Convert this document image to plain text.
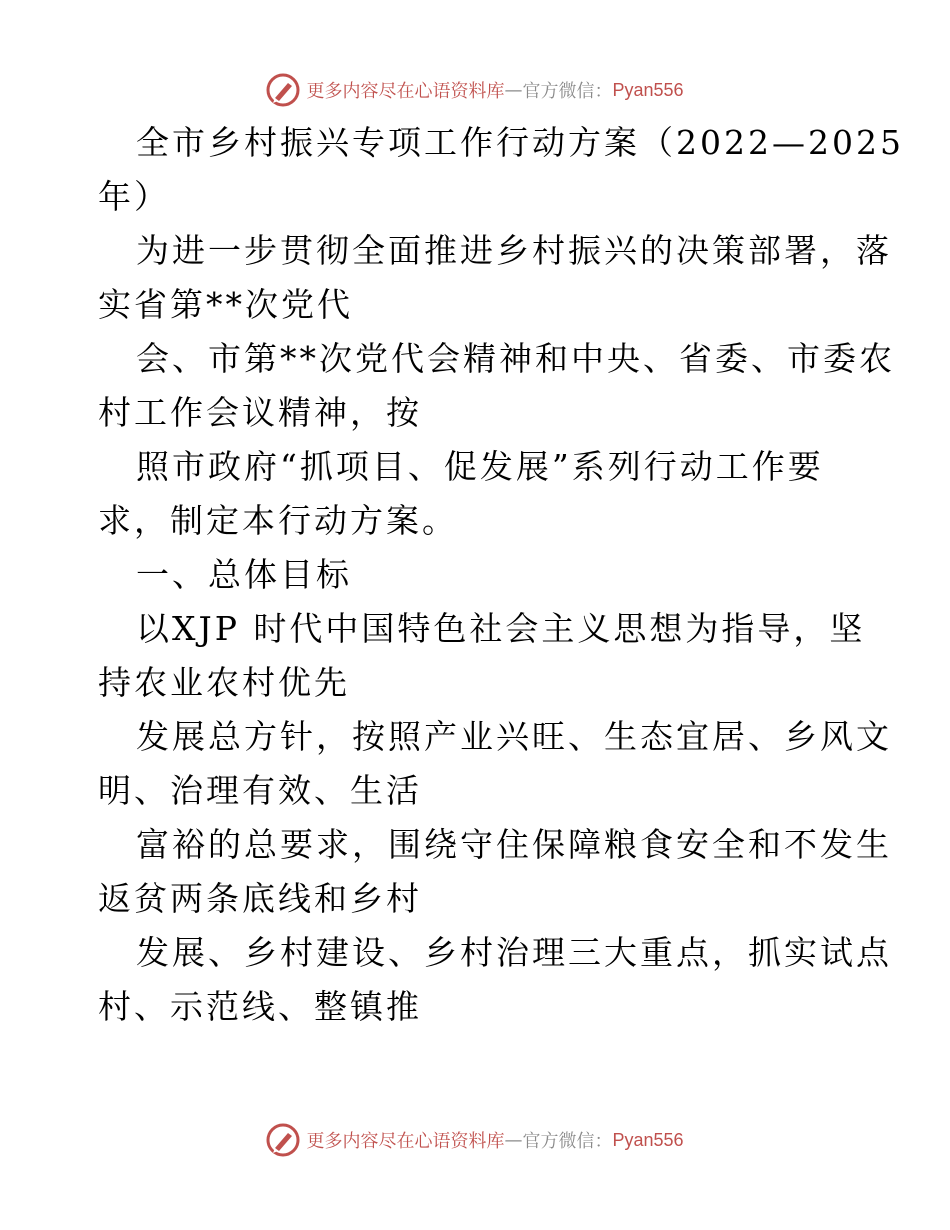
更多内容尽在心语资料库 — 官方微信： Pyan556

全市乡村振兴专项工作行动方案（2022—2025

年）

为进一步贯彻全面推进乡村振兴的决策部署，落

实省第**次党代

会、市第**次党代会精神和中央、省委、市委农

村工作会议精神，按

照市政府“抓项目、促发展”系列行动工作要

求，制定本行动方案。

一、总体目标

以XJP 时代中国特色社会主义思想为指导，坚

持农业农村优先

发展总方针，按照产业兴旺、生态宜居、乡风文

明、治理有效、生活

富裕的总要求，围绕守住保障粮食安全和不发生

返贫两条底线和乡村

发展、乡村建设、乡村治理三大重点，抓实试点

村、示范线、整镇推

更多内容尽在心语资料库 — 官方微信： Pyan556
